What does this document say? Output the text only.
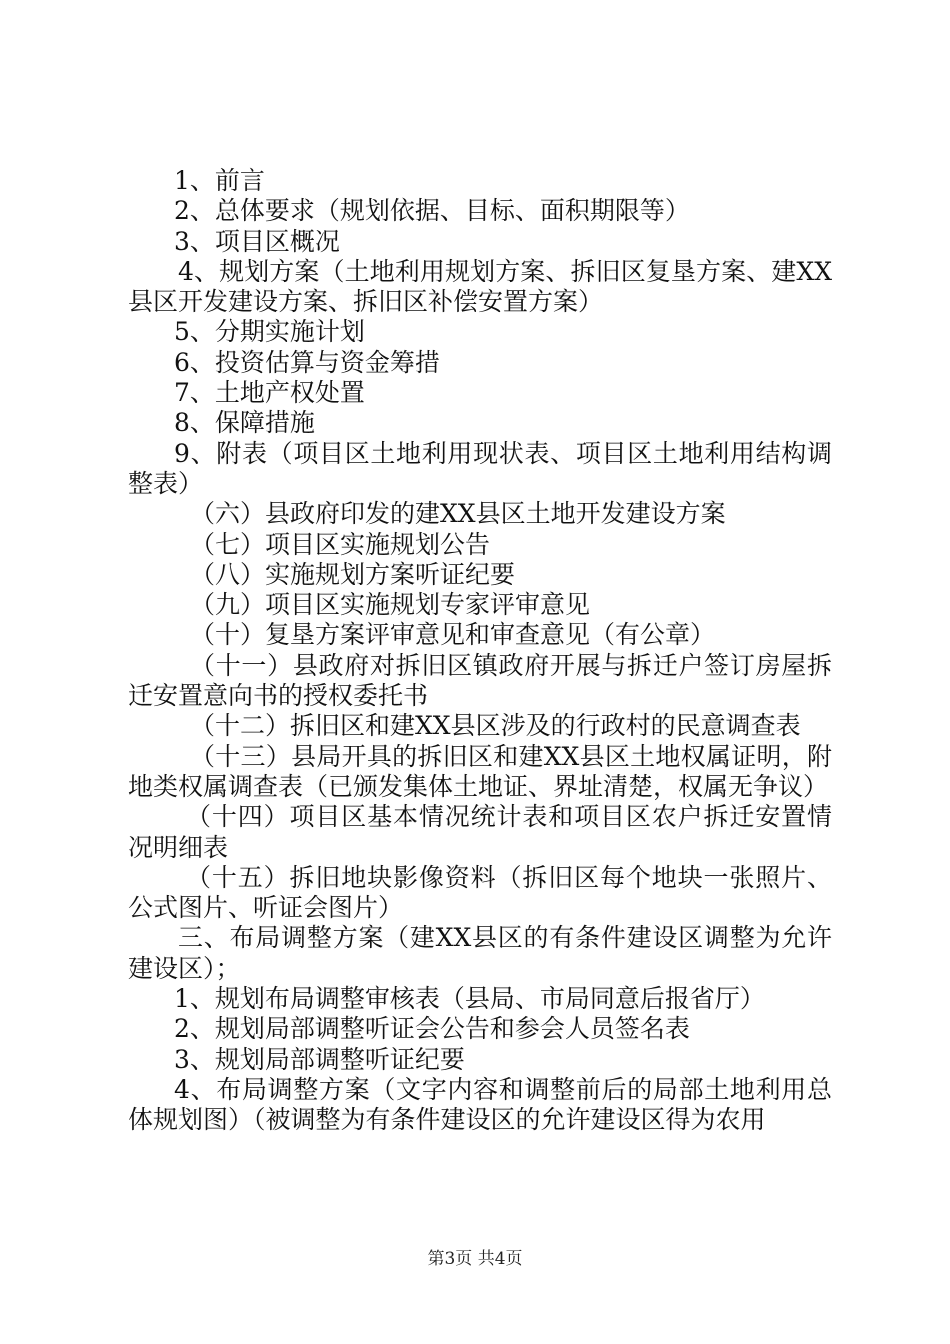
1、前言

2、总体要求（规划依据、目标、面积期限等）

3、项目区概况

4、规划方案（土地利用规划方案、拆旧区复垦方案、建XX县区开发建设方案、拆旧区补偿安置方案）

5、分期实施计划

6、投资估算与资金筹措

7、土地产权处置

8、保障措施

9、附表（项目区土地利用现状表、项目区土地利用结构调整表）

（六）县政府印发的建XX县区土地开发建设方案

（七）项目区实施规划公告

（八）实施规划方案听证纪要

（九）项目区实施规划专家评审意见

（十）复垦方案评审意见和审查意见（有公章）

（十一）县政府对拆旧区镇政府开展与拆迁户签订房屋拆迁安置意向书的授权委托书

（十二）拆旧区和建XX县区涉及的行政村的民意调查表

（十三）县局开具的拆旧区和建XX县区土地权属证明，附地类权属调查表（已颁发集体土地证、界址清楚，权属无争议）

（十四）项目区基本情况统计表和项目区农户拆迁安置情况明细表

（十五）拆旧地块影像资料（拆旧区每个地块一张照片、公式图片、听证会图片）

三、布局调整方案（建XX县区的有条件建设区调整为允许建设区）；

1、规划布局调整审核表（县局、市局同意后报省厅）

2、规划局部调整听证会公告和参会人员签名表

3、规划局部调整听证纪要

4、布局调整方案（文字内容和调整前后的局部土地利用总体规划图）（被调整为有条件建设区的允许建设区得为农用

第3页 共4页
